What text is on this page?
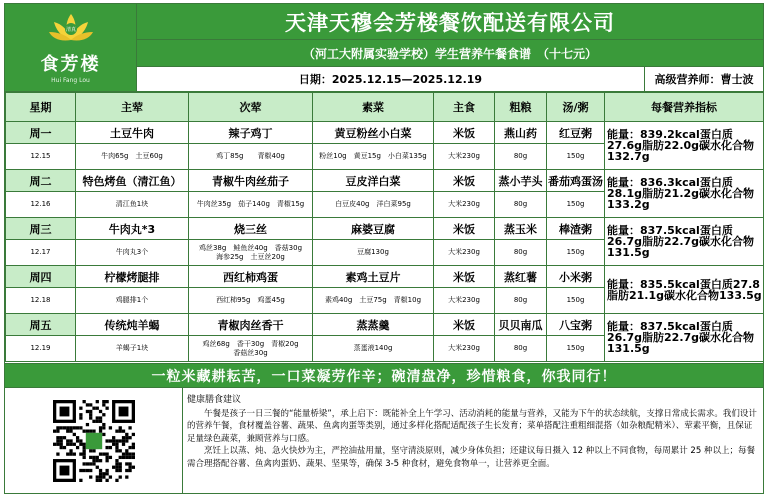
清真
食芳楼
Hui Fang Lou
天津天穆会芳楼餐饮配送有限公司
（河工大附属实验学校）学生营养午餐食谱　（十七元）
日期：2025.12.15—2025.12.19	高级营养师：曹士波
星期	主荤	次荤	素菜	主食	粗粮	汤/粥	每餐营养指标
周一	土豆牛肉	辣子鸡丁	黄豆粉丝小白菜	米饭	燕山药	红豆粥	能量：839.2kcal蛋白质27.6g脂肪22.0g碳水化合物132.7g
12.15	牛肉65g　土豆60g	鸡丁85g　　青椒40g	粉丝10g　黄豆15g　小白菜135g	大米230g	80g	150g	
周二	特色烤鱼（清江鱼）	青椒牛肉丝茄子	豆皮洋白菜	米饭	蒸小芋头	番茄鸡蛋汤	能量：836.3kcal蛋白质28.1g脂肪21.2g碳水化合物133.2g
12.16	清江鱼1块	牛肉丝35g　茄子140g　青椒15g	白豆皮40g　洋白菜95g	大米230g	80g	150g	
周三	牛肉丸*3	烧三丝	麻婆豆腐	米饭	蒸玉米	棒渣粥	能量：837.5kcal蛋白质26.7g脂肪22.7g碳水化合物131.5g
12.17	牛肉丸3个	鸡丝38g　鲑鱼丝40g　香菇30g
海参25g　土豆丝20g	豆腐130g	大米230g	80g	150g	
周四	柠檬烤腿排	西红柿鸡蛋	素鸡土豆片	米饭	蒸红薯	小米粥	能量：835.5kcal蛋白质27.8脂肪21.1g碳水化合物133.5g
12.18	鸡腿排1个	西红柿95g　鸡蛋45g	素鸡40g　土豆75g　青椒10g	大米230g	80g	150g	
周五	传统炖羊蝎	青椒肉丝香干	蒸蒸羹	米饭	贝贝南瓜	八宝粥	能量：837.5kcal蛋白质26.7g脂肪22.7g碳水化合物131.5g
12.19	羊蝎子1块	鸡丝68g　香干30g　青椒20g
香菇丝30g	蒸蛋液140g	大米230g	80g	150g	
一粒米藏耕耘苦，一口菜凝劳作辛；碗清盘净，珍惜粮食，你我同行！
健康膳食建议

午餐是孩子一日三餐的“能量桥梁”，承上启下：既能补全上午学习、活动消耗的能量与营养，又能为下午的状态续航，支撑日常成长需求。我们设计的营养午餐，食材覆盖谷薯、蔬果、鱼禽肉蛋等类别，通过多样化搭配适配孩子生长发育；菜单搭配注重粗细混搭（如杂粮配精米）、荤素平衡，且保证足量绿色蔬菜，兼顾营养与口感。

烹饪上以蒸、炖、急火快炒为主，严控油盐用量，坚守清淡原则，减少身体负担；还建议每日摄入 12 种以上不同食物，每周累计 25 种以上；每餐需合理搭配谷薯、鱼禽肉蛋奶、蔬果、坚果等，确保 3-5 种食材，避免食物单一，让营养更全面。
